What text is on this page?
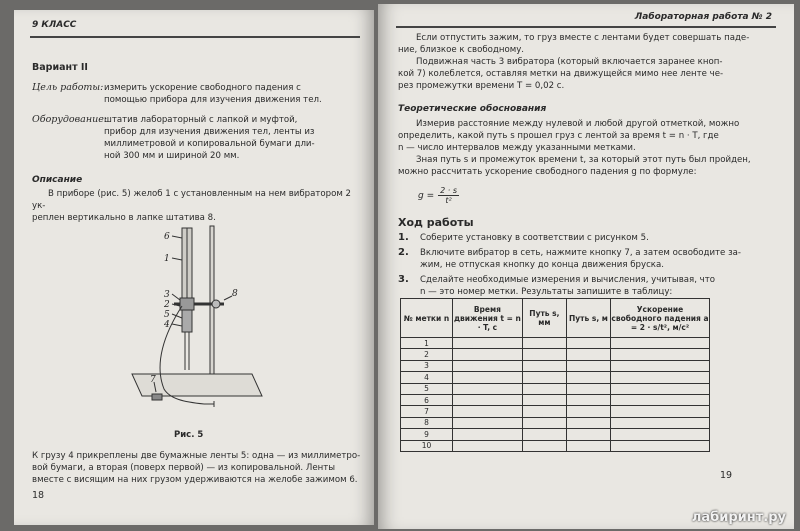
9 КЛАСС
Вариант II
Цель работы: измерить ускорение свободного падения с
помощью прибора для изучения движения тел.
Оборудование:
штатив лабораторный с лапкой и муфтой,
прибор для изучения движения тел, ленты из
миллиметровой и копировальной бумаги дли-
ной 300 мм и шириной 20 мм.
Описание
В приборе (рис. 5) желоб 1 с установленным на нем вибратором 2 ук-
реплен вертикально в лапке штатива 8.
6
1
3
2
5
4
8
7
Рис. 5
К грузу 4 прикреплены две бумажные ленты 5: одна — из миллиметро-
вой бумаги, а вторая (поверх первой) — из копировальной. Ленты
вместе с висящим на них грузом удерживаются на желобе зажимом 6.
18
Лабораторная работа № 2
Если отпустить зажим, то груз вместе с лентами будет совершать паде-
ние, близкое к свободному.
Подвижная часть 3 вибратора (который включается заранее кноп-
кой 7) колеблется, оставляя метки на движущейся мимо нее ленте че-
рез промежутки времени T = 0,02 с.
Теоретические обоснования
Измерив расстояние между нулевой и любой другой отметкой, можно
определить, какой путь s прошел груз с лентой за время t = n · T, где
n — число интервалов между указанными метками.
Зная путь s и промежуток времени t, за который этот путь был пройден,
можно рассчитать ускорение свободного падения g по формуле:
$g = \frac{2 \cdot s}{\text{t²}}$
Ход работы
1.	Соберите установку в соответствии с рисунком 5.
2.	Включите вибратор в сеть, нажмите кнопку 7, а затем освободите за-
жим, не отпуская кнопку до конца движения бруска.
3.	Сделайте необходимые измерения и вычисления, учитывая, что
n — это номер метки. Результаты запишите в таблицу:
№ метки n	Время движения t = n · T, с	Путь s, мм	Путь s, м	Ускорение свободного падения a = 2 · s/t², м/с²
1				
2				
3				
4				
5				
6				
7				
8				
9				
10				
19
лабиринт.ру
